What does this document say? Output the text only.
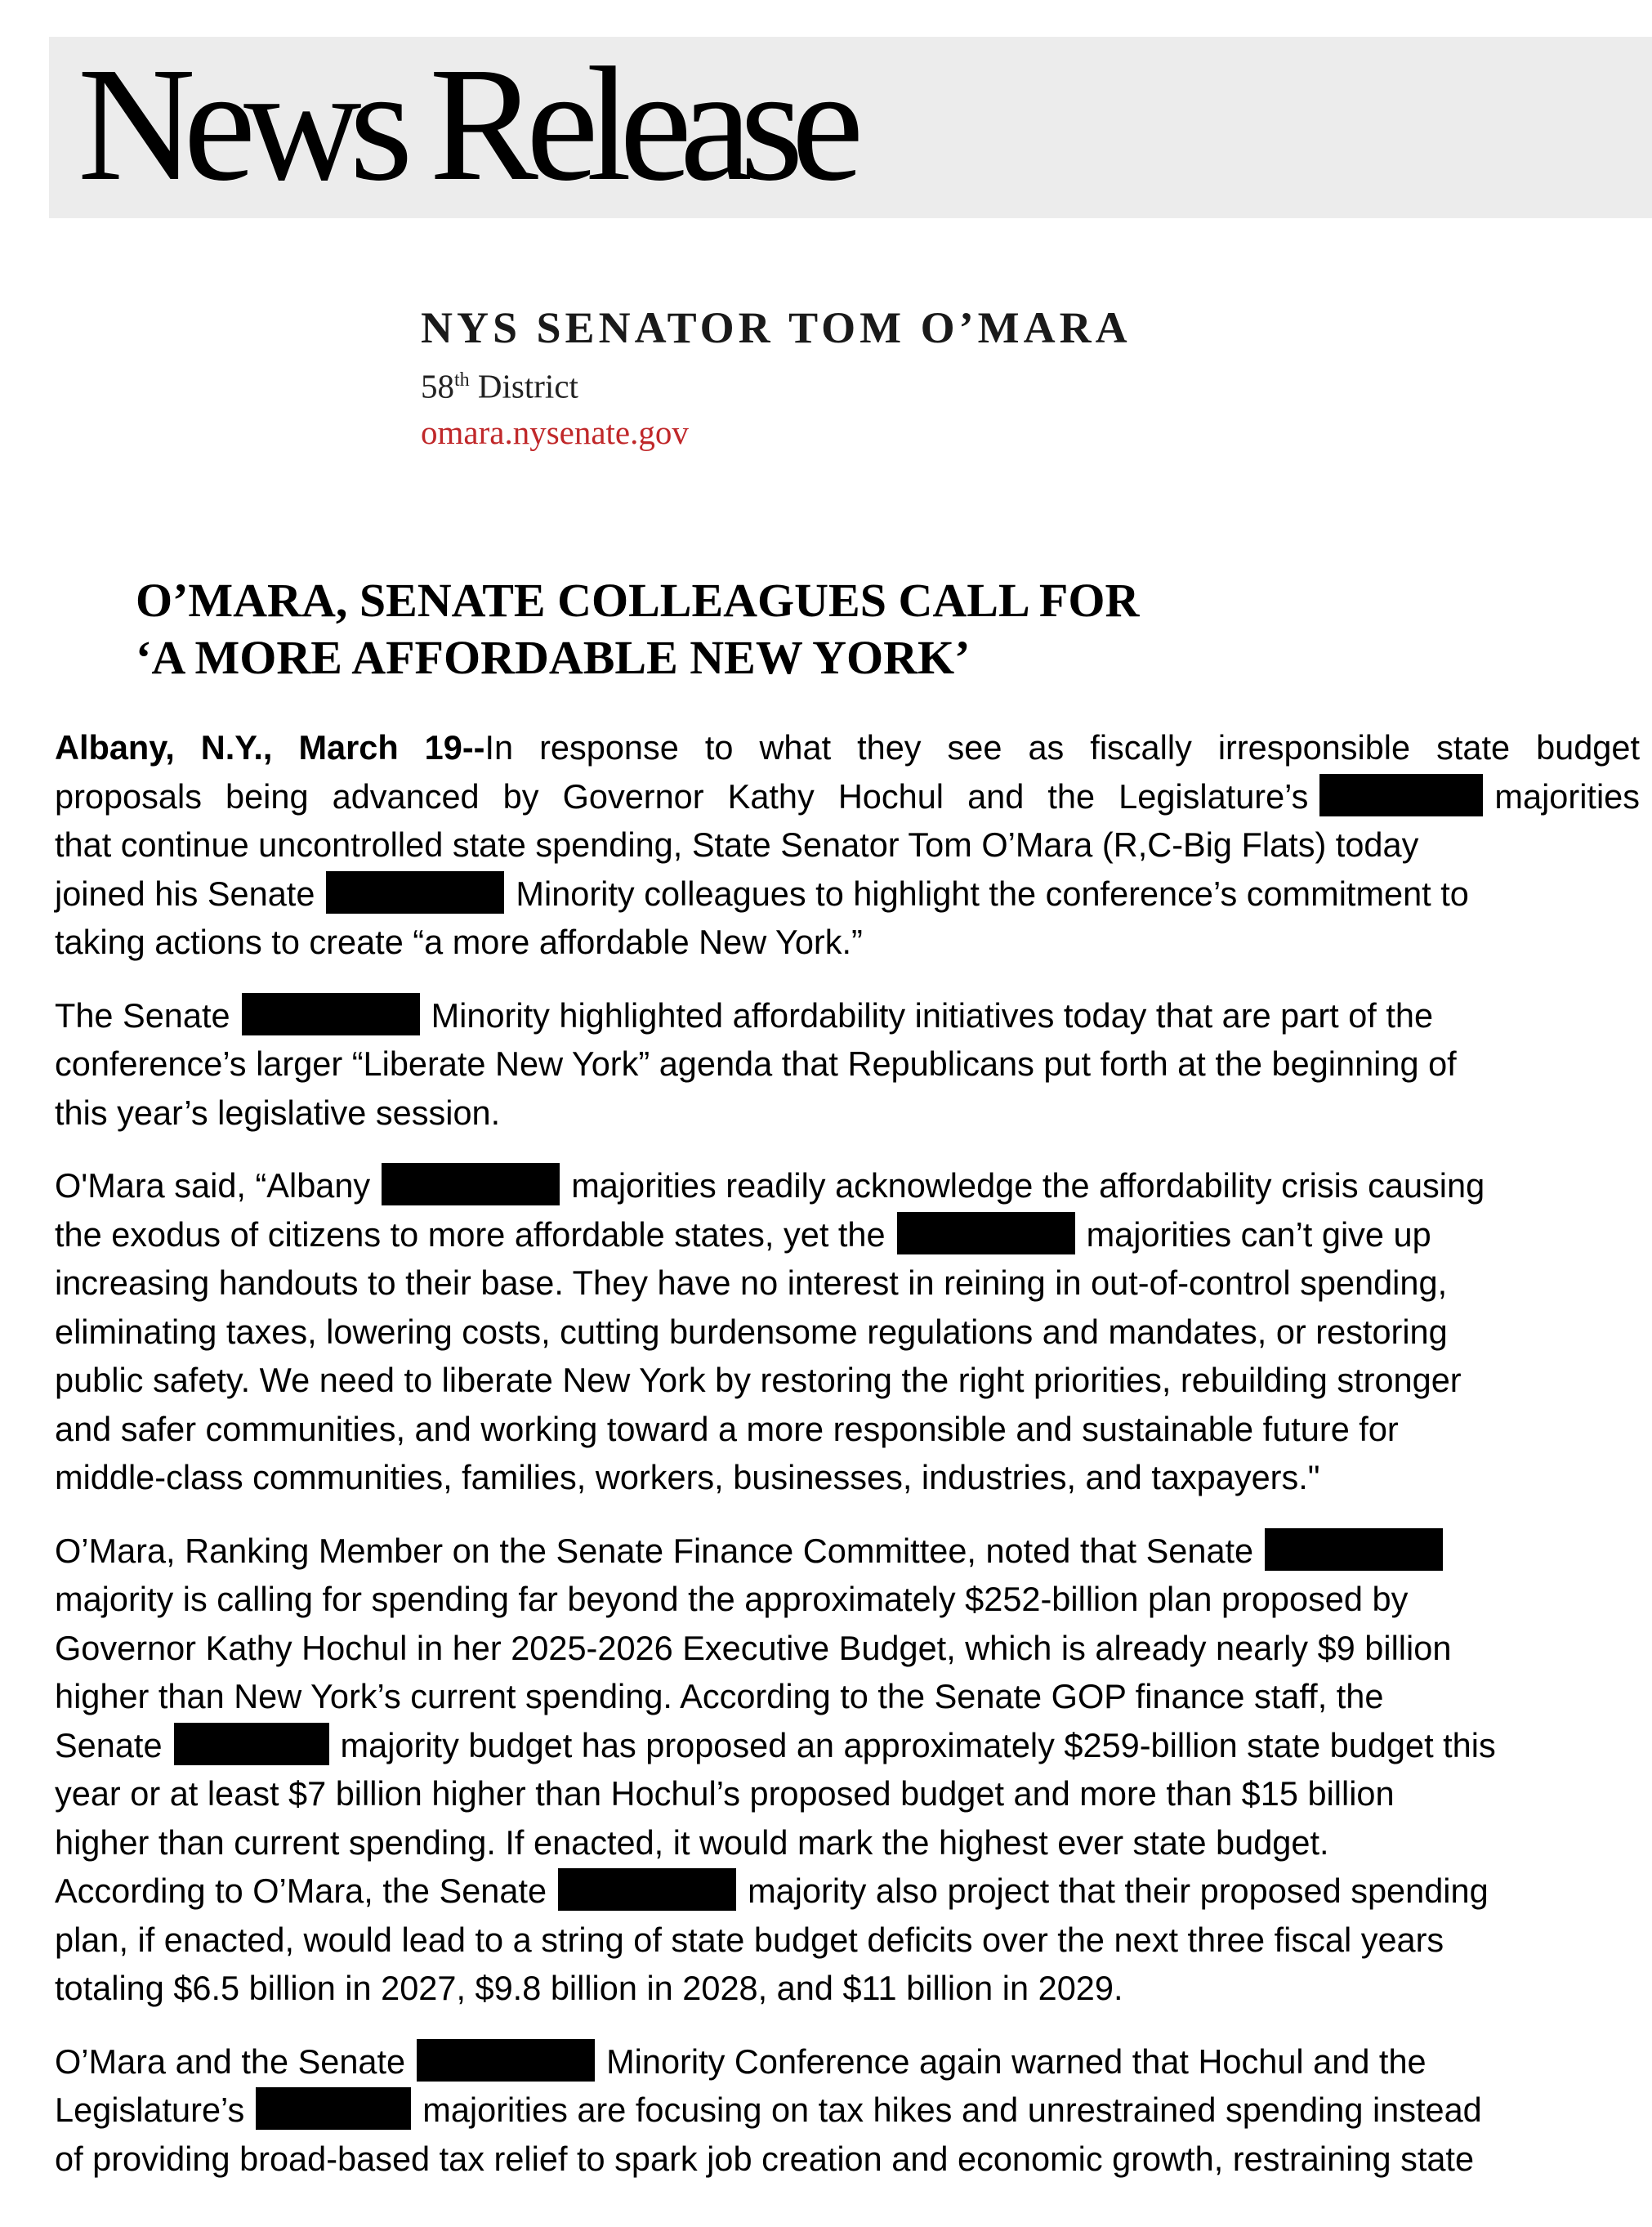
News Release
NYS SENATOR TOM O’MARA
58th District
omara.nysenate.gov
O’MARA, SENATE COLLEAGUES CALL FOR
‘A MORE AFFORDABLE NEW YORK’
Albany, N.Y., March 19--In response to what they see as fiscally irresponsible state budget
proposals being advanced by Governor Kathy Hochul and the Legislature’s	majorities
that continue uncontrolled state spending, State Senator Tom O’Mara (R,C-Big Flats) today
joined his Senate	Minority colleagues to highlight the conference’s commitment to
taking actions to create “a more affordable New York.”
The Senate	Minority highlighted affordability initiatives today that are part of the
conference’s larger “Liberate New York” agenda that Republicans put forth at the beginning of
this year’s legislative session.
O'Mara said, “Albany	majorities readily acknowledge the affordability crisis causing
the exodus of citizens to more affordable states, yet the	majorities can’t give up
increasing handouts to their base. They have no interest in reining in out-of-control spending,
eliminating taxes, lowering costs, cutting burdensome regulations and mandates, or restoring
public safety. We need to liberate New York by restoring the right priorities, rebuilding stronger
and safer communities, and working toward a more responsible and sustainable future for
middle-class communities, families, workers, businesses, industries, and taxpayers."
O’Mara, Ranking Member on the Senate Finance Committee, noted that Senate
majority is calling for spending far beyond the approximately $252-billion plan proposed by
Governor Kathy Hochul in her 2025-2026 Executive Budget, which is already nearly $9 billion
higher than New York’s current spending. According to the Senate GOP finance staff, the
Senate	majority budget has proposed an approximately $259-billion state budget this
year or at least $7 billion higher than Hochul’s proposed budget and more than $15 billion
higher than current spending. If enacted, it would mark the highest ever state budget.
According to O’Mara, the Senate	majority also project that their proposed spending
plan, if enacted, would lead to a string of state budget deficits over the next three fiscal years
totaling $6.5 billion in 2027, $9.8 billion in 2028, and $11 billion in 2029.
O’Mara and the Senate	Minority Conference again warned that Hochul and the
Legislature’s	majorities are focusing on tax hikes and unrestrained spending instead
of providing broad-based tax relief to spark job creation and economic growth, restraining state
